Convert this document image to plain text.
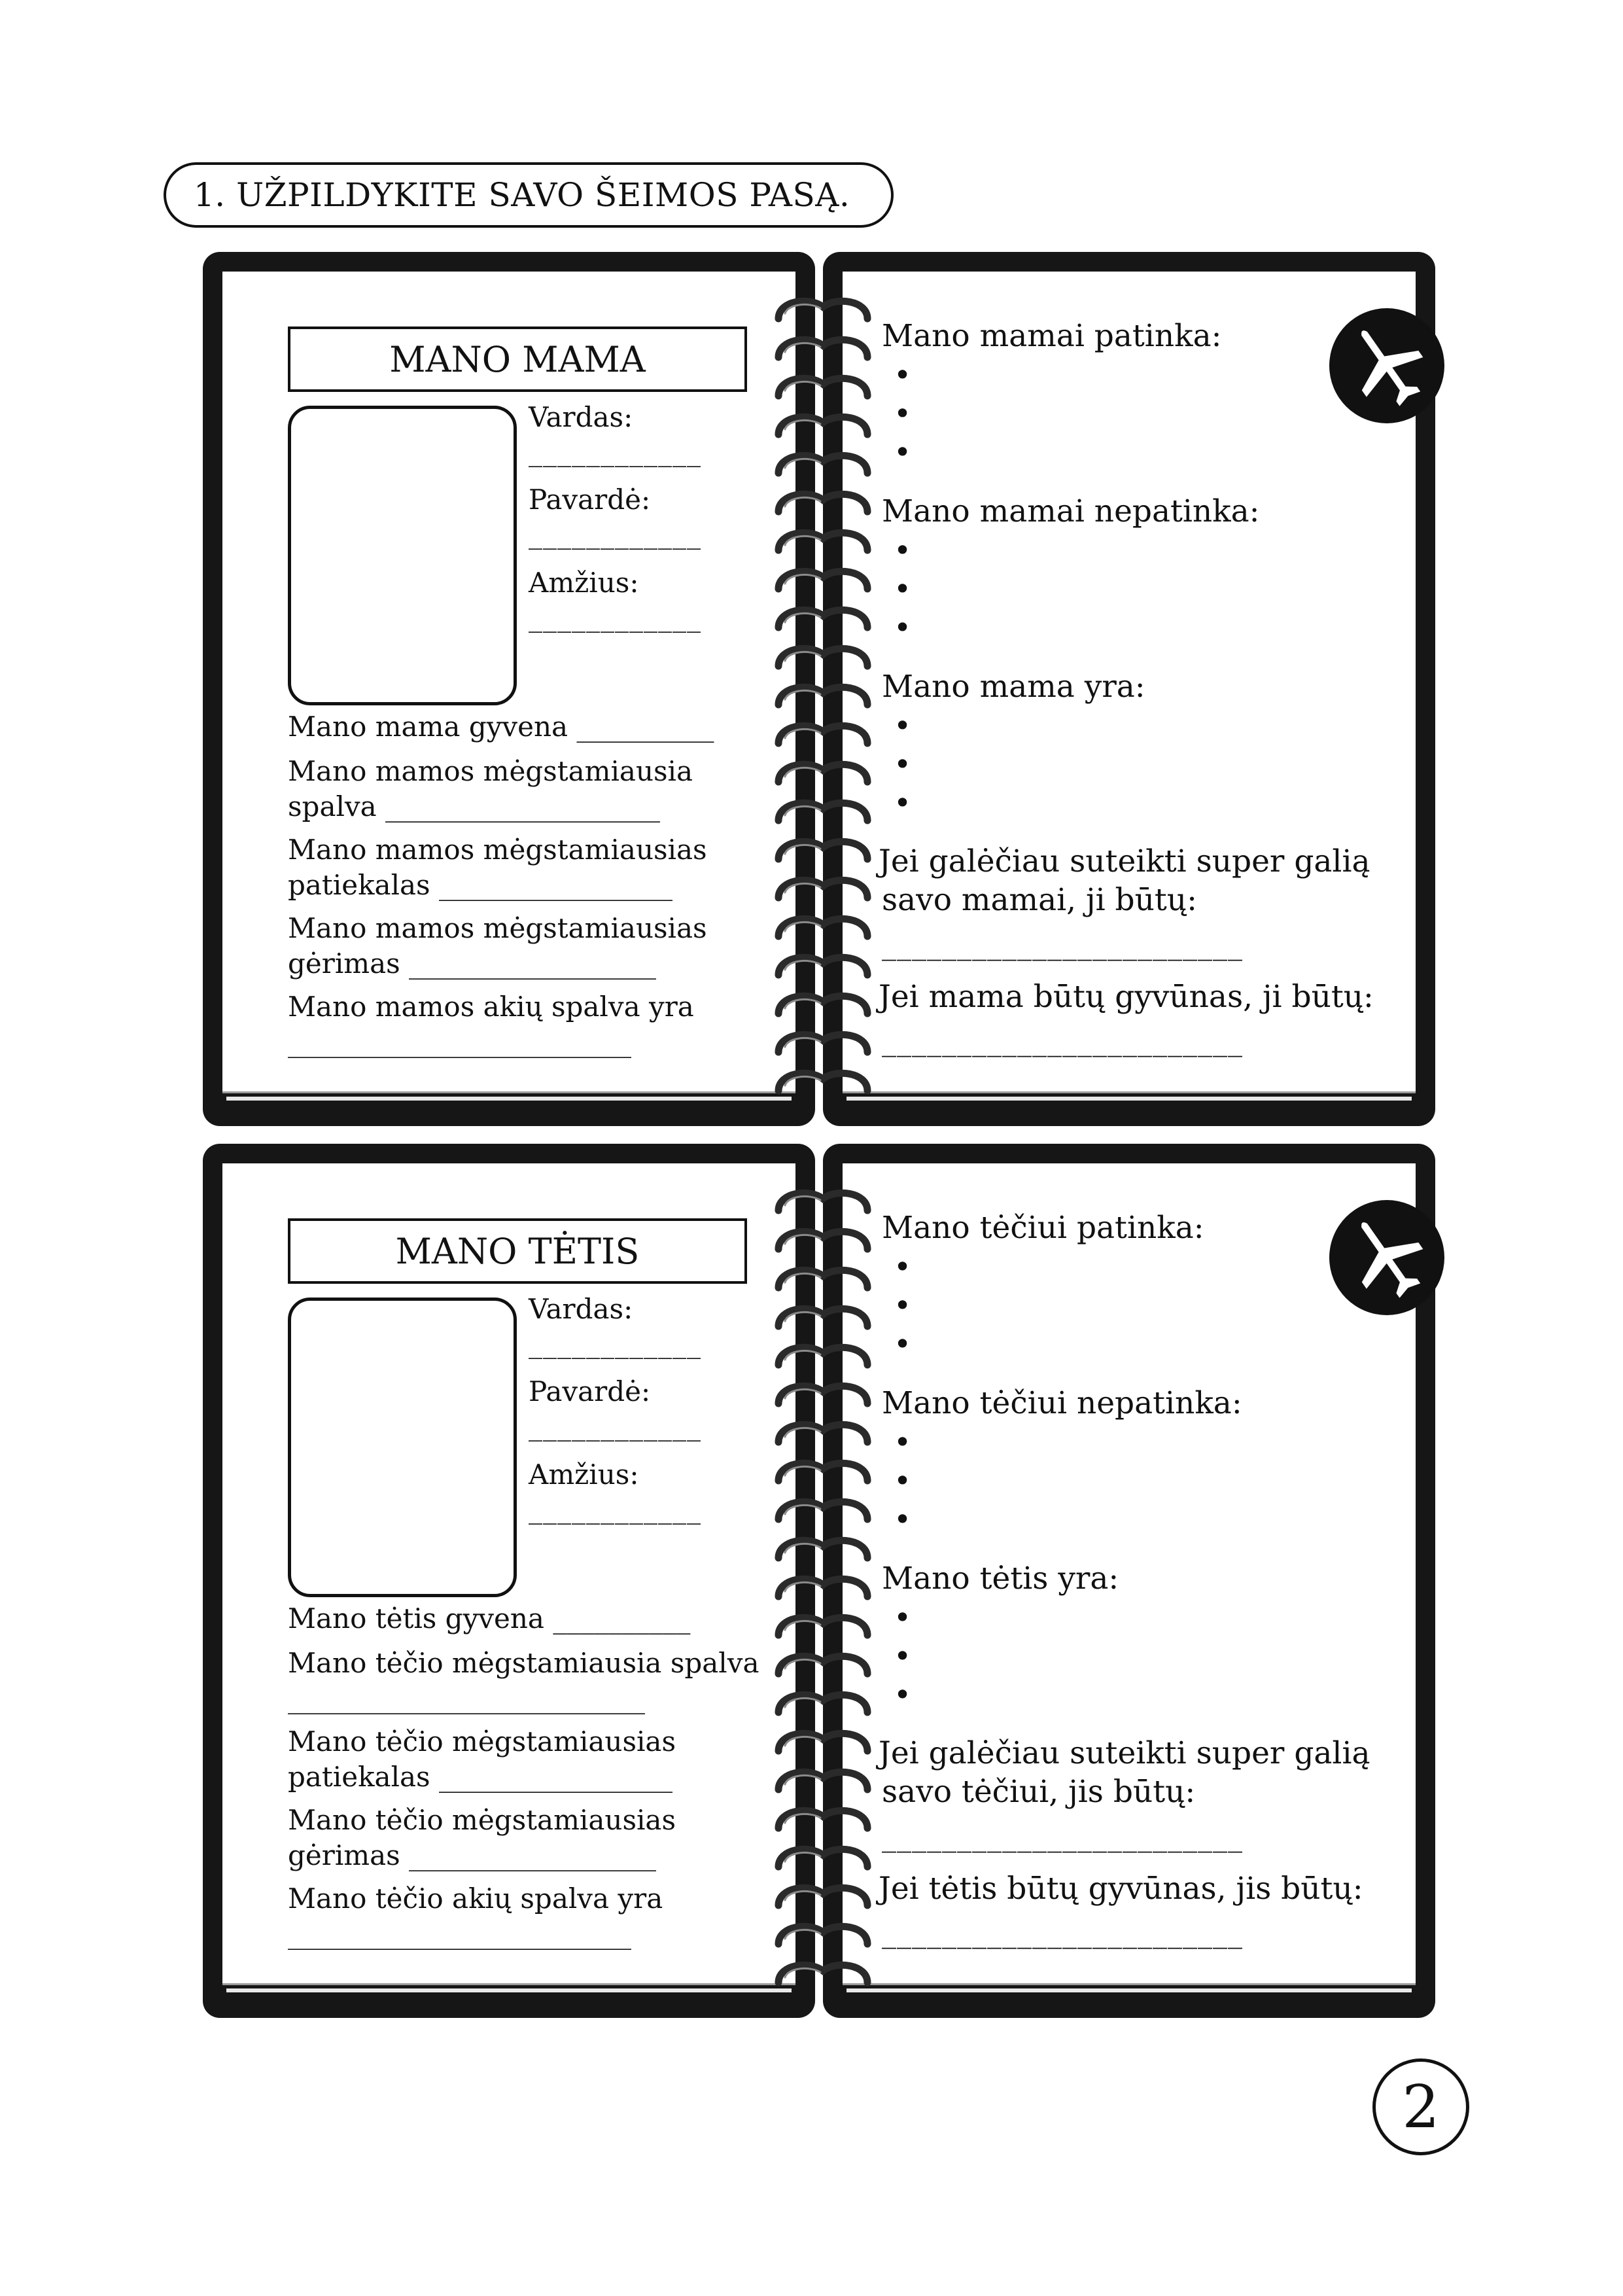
1. UŽPILDYKITE SAVO ŠEIMOS PASĄ.
MANO MAMA
Vardas:
____________
Pavardė:
____________
Amžius:
____________
Mano mama gyvena __________
Mano mamos mėgstamiausia
spalva ____________________
Mano mamos mėgstamiausias
patiekalas _________________
Mano mamos mėgstamiausias
gėrimas __________________
Mano mamos akių spalva yra
_________________________
Mano mamai patinka:
•
•
•
Mano mamai nepatinka:
•
•
•
Mano mama yra:
•
•
•
Jei galėčiau suteikti super galią
savo mamai, ji būtų:
________________________
Jei mama būtų gyvūnas, ji būtų:
________________________
MANO TĖTIS
Vardas:
____________
Pavardė:
____________
Amžius:
____________
Mano tėtis gyvena __________
Mano tėčio mėgstamiausia spalva
__________________________
Mano tėčio mėgstamiausias
patiekalas _________________
Mano tėčio mėgstamiausias
gėrimas __________________
Mano tėčio akių spalva yra
_________________________
Mano tėčiui patinka:
•
•
•
Mano tėčiui nepatinka:
•
•
•
Mano tėtis yra:
•
•
•
Jei galėčiau suteikti super galią
savo tėčiui, jis būtų:
________________________
Jei tėtis būtų gyvūnas, jis būtų:
________________________
2
